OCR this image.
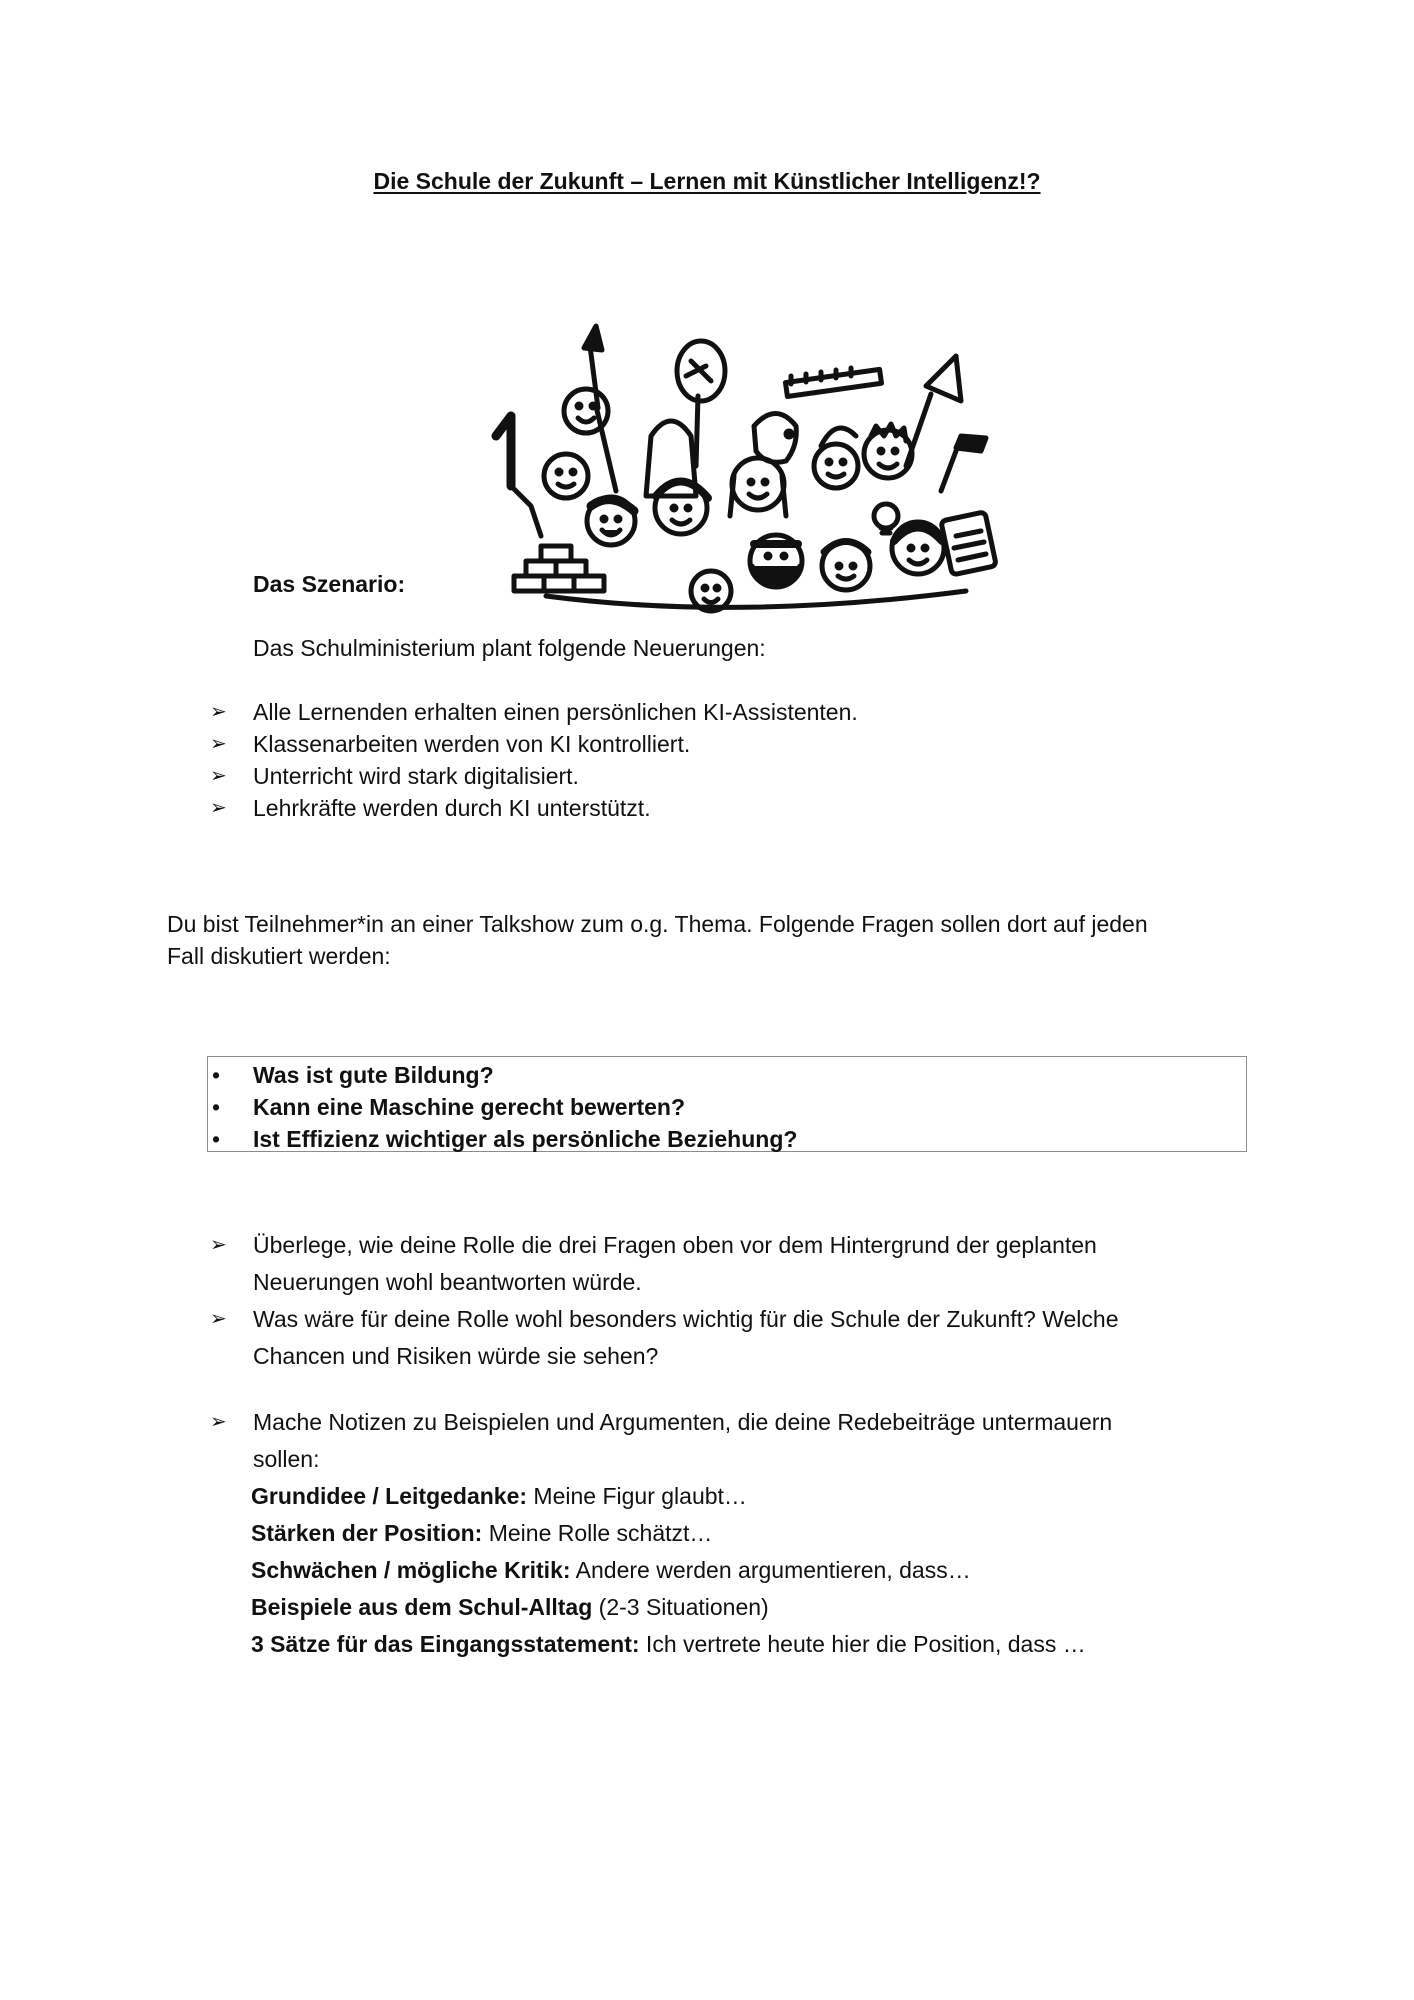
Die Schule der Zukunft – Lernen mit Künstlicher Intelligenz!?
Das Szenario:
Das Schulministerium plant folgende Neuerungen:
➢ Alle Lernenden erhalten einen persönlichen KI-Assistenten.
➢ Klassenarbeiten werden von KI kontrolliert.
➢ Unterricht wird stark digitalisiert.
➢ Lehrkräfte werden durch KI unterstützt.
Du bist Teilnehmer*in an einer Talkshow zum o.g. Thema. Folgende Fragen sollen dort auf jeden
Fall diskutiert werden:
• Was ist gute Bildung?
• Kann eine Maschine gerecht bewerten?
• Ist Effizienz wichtiger als persönliche Beziehung?
➢ Überlege, wie deine Rolle die drei Fragen oben vor dem Hintergrund der geplanten
Neuerungen wohl beantworten würde.
➢ Was wäre für deine Rolle wohl besonders wichtig für die Schule der Zukunft? Welche
Chancen und Risiken würde sie sehen?
➢ Mache Notizen zu Beispielen und Argumenten, die deine Redebeiträge untermauern
sollen:
Grundidee / Leitgedanke: Meine Figur glaubt…
Stärken der Position: Meine Rolle schätzt…
Schwächen / mögliche Kritik: Andere werden argumentieren, dass…
Beispiele aus dem Schul-Alltag (2-3 Situationen)
3 Sätze für das Eingangsstatement: Ich vertrete heute hier die Position, dass …
